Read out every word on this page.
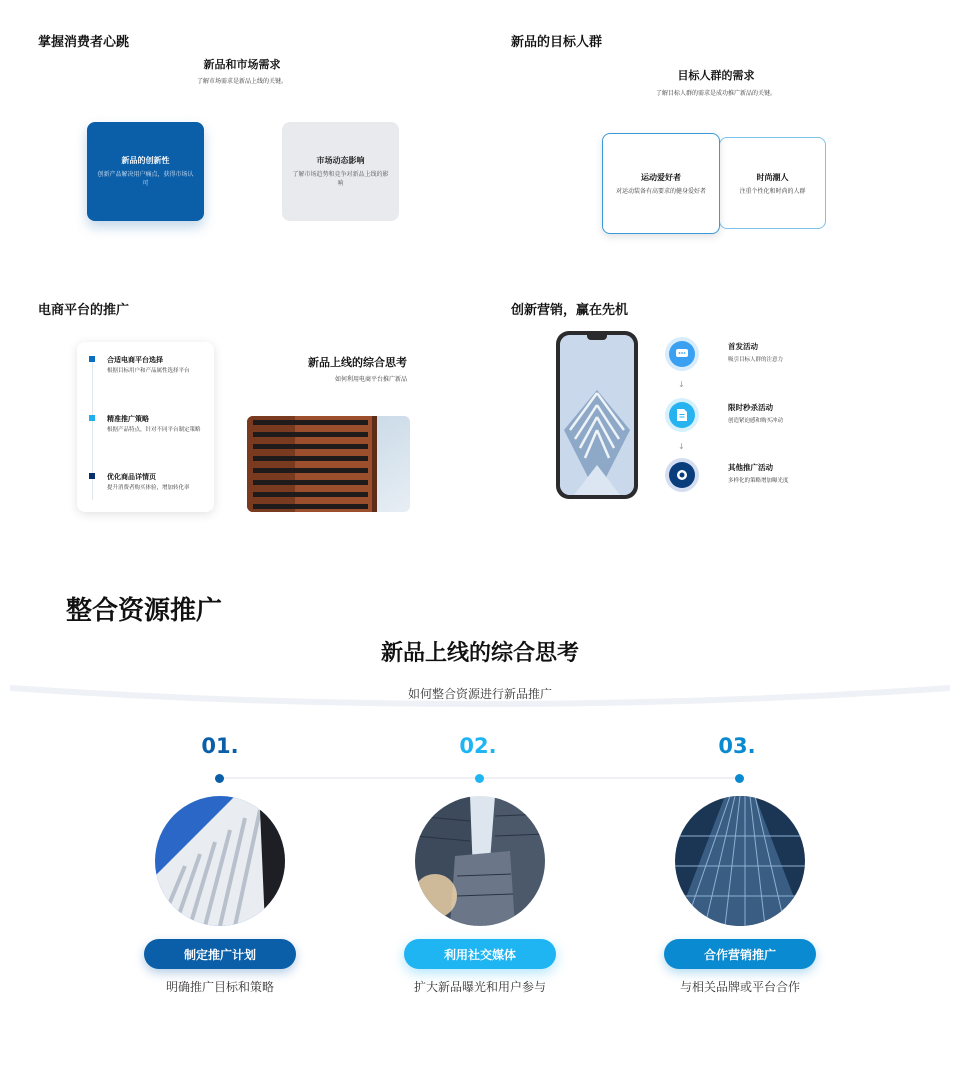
掌握消费者心跳
新品和市场需求
了解市场需求是新品上线的关键。
新品的创新性
创新产品解决用户痛点，获得市场认可
市场动态影响
了解市场趋势和竞争对新品上线的影响
新品的目标人群
目标人群的需求
了解目标人群的需求是成功推广新品的关键。
时尚潮人
注重个性化和时尚的人群
运动爱好者
对运动装备有高要求的健身爱好者
电商平台的推广
合适电商平台选择
根据目标用户和产品属性选择平台
精准推广策略
根据产品特点，针对不同平台制定策略
优化商品详情页
提升消费者购买体验，增加转化率
新品上线的综合思考
如何利用电商平台推广新品
创新营销，赢在先机
↓
↓
首发活动
吸引目标人群的注意力
限时秒杀活动
创造紧迫感和购买冲动
其他推广活动
多样化的策略增加曝光度
整合资源推广
新品上线的综合思考
如何整合资源进行新品推广
01.	02.	03.
制定推广计划	利用社交媒体	合作营销推广
明确推广目标和策略	扩大新品曝光和用户参与	与相关品牌或平台合作
